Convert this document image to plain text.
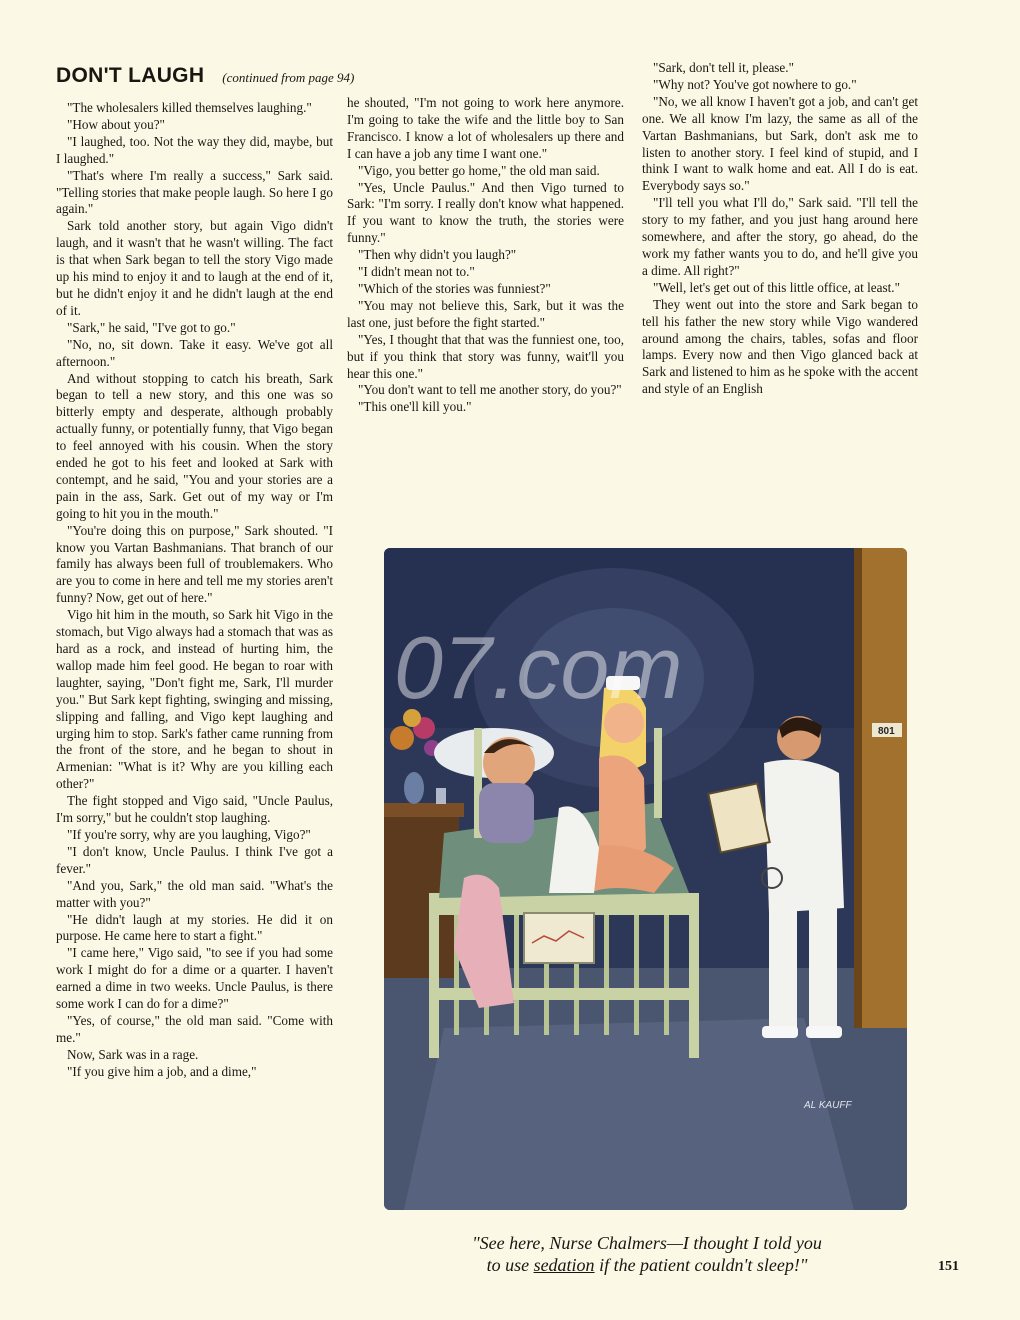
DON'T LAUGH (continued from page 94)

"The wholesalers killed themselves laughing."

"How about you?"

"I laughed, too. Not the way they did, maybe, but I laughed."

"That's where I'm really a success," Sark said. "Telling stories that make people laugh. So here I go again."

Sark told another story, but again Vigo didn't laugh, and it wasn't that he wasn't willing. The fact is that when Sark began to tell the story Vigo made up his mind to enjoy it and to laugh at the end of it, but he didn't enjoy it and he didn't laugh at the end of it.

"Sark," he said, "I've got to go."

"No, no, sit down. Take it easy. We've got all afternoon."

And without stopping to catch his breath, Sark began to tell a new story, and this one was so bitterly empty and desperate, although probably actually funny, or potentially funny, that Vigo began to feel annoyed with his cousin. When the story ended he got to his feet and looked at Sark with contempt, and he said, "You and your stories are a pain in the ass, Sark. Get out of my way or I'm going to hit you in the mouth."

"You're doing this on purpose," Sark shouted. "I know you Vartan Bashmanians. That branch of our family has always been full of troublemakers. Who are you to come in here and tell me my stories aren't funny? Now, get out of here."

Vigo hit him in the mouth, so Sark hit Vigo in the stomach, but Vigo always had a stomach that was as hard as a rock, and instead of hurting him, the wallop made him feel good. He began to roar with laughter, saying, "Don't fight me, Sark, I'll murder you." But Sark kept fighting, swinging and missing, slipping and falling, and Vigo kept laughing and urging him to stop. Sark's father came running from the front of the store, and he began to shout in Armenian: "What is it? Why are you killing each other?"

The fight stopped and Vigo said, "Uncle Paulus, I'm sorry," but he couldn't stop laughing.

"If you're sorry, why are you laughing, Vigo?"

"I don't know, Uncle Paulus. I think I've got a fever."

"And you, Sark," the old man said. "What's the matter with you?"

"He didn't laugh at my stories. He did it on purpose. He came here to start a fight."

"I came here," Vigo said, "to see if you had some work I might do for a dime or a quarter. I haven't earned a dime in two weeks. Uncle Paulus, is there some work I can do for a dime?"

"Yes, of course," the old man said. "Come with me."

Now, Sark was in a rage.

"If you give him a job, and a dime,"

he shouted, "I'm not going to work here anymore. I'm going to take the wife and the little boy to San Francisco. I know a lot of wholesalers up there and I can have a job any time I want one."

"Vigo, you better go home," the old man said.

"Yes, Uncle Paulus." And then Vigo turned to Sark: "I'm sorry. I really don't know what happened. If you want to know the truth, the stories were funny."

"Then why didn't you laugh?"

"I didn't mean not to."

"Which of the stories was funniest?"

"You may not believe this, Sark, but it was the last one, just before the fight started."

"Yes, I thought that that was the funniest one, too, but if you think that story was funny, wait'll you hear this one."

"You don't want to tell me another story, do you?"

"This one'll kill you."

"Sark, don't tell it, please."

"Why not? You've got nowhere to go."

"No, we all know I haven't got a job, and can't get one. We all know I'm lazy, the same as all of the Vartan Bashmanians, but Sark, don't ask me to listen to another story. I feel kind of stupid, and I think I want to walk home and eat. All I do is eat. Everybody says so."

"I'll tell you what I'll do," Sark said. "I'll tell the story to my father, and you just hang around here somewhere, and after the story, go ahead, do the work my father wants you to do, and he'll give you a dime. All right?"

"Well, let's get out of this little office, at least."

They went out into the store and Sark began to tell his father the new story while Vigo wandered around among the chairs, tables, sofas and floor lamps. Every now and then Vigo glanced back at Sark and listened to him as he spoke with the accent and style of an English

801
07.com
AL KAUFF
"See here, Nurse Chalmers—I thought I told you
to use sedation if the patient couldn't sleep!"	151
